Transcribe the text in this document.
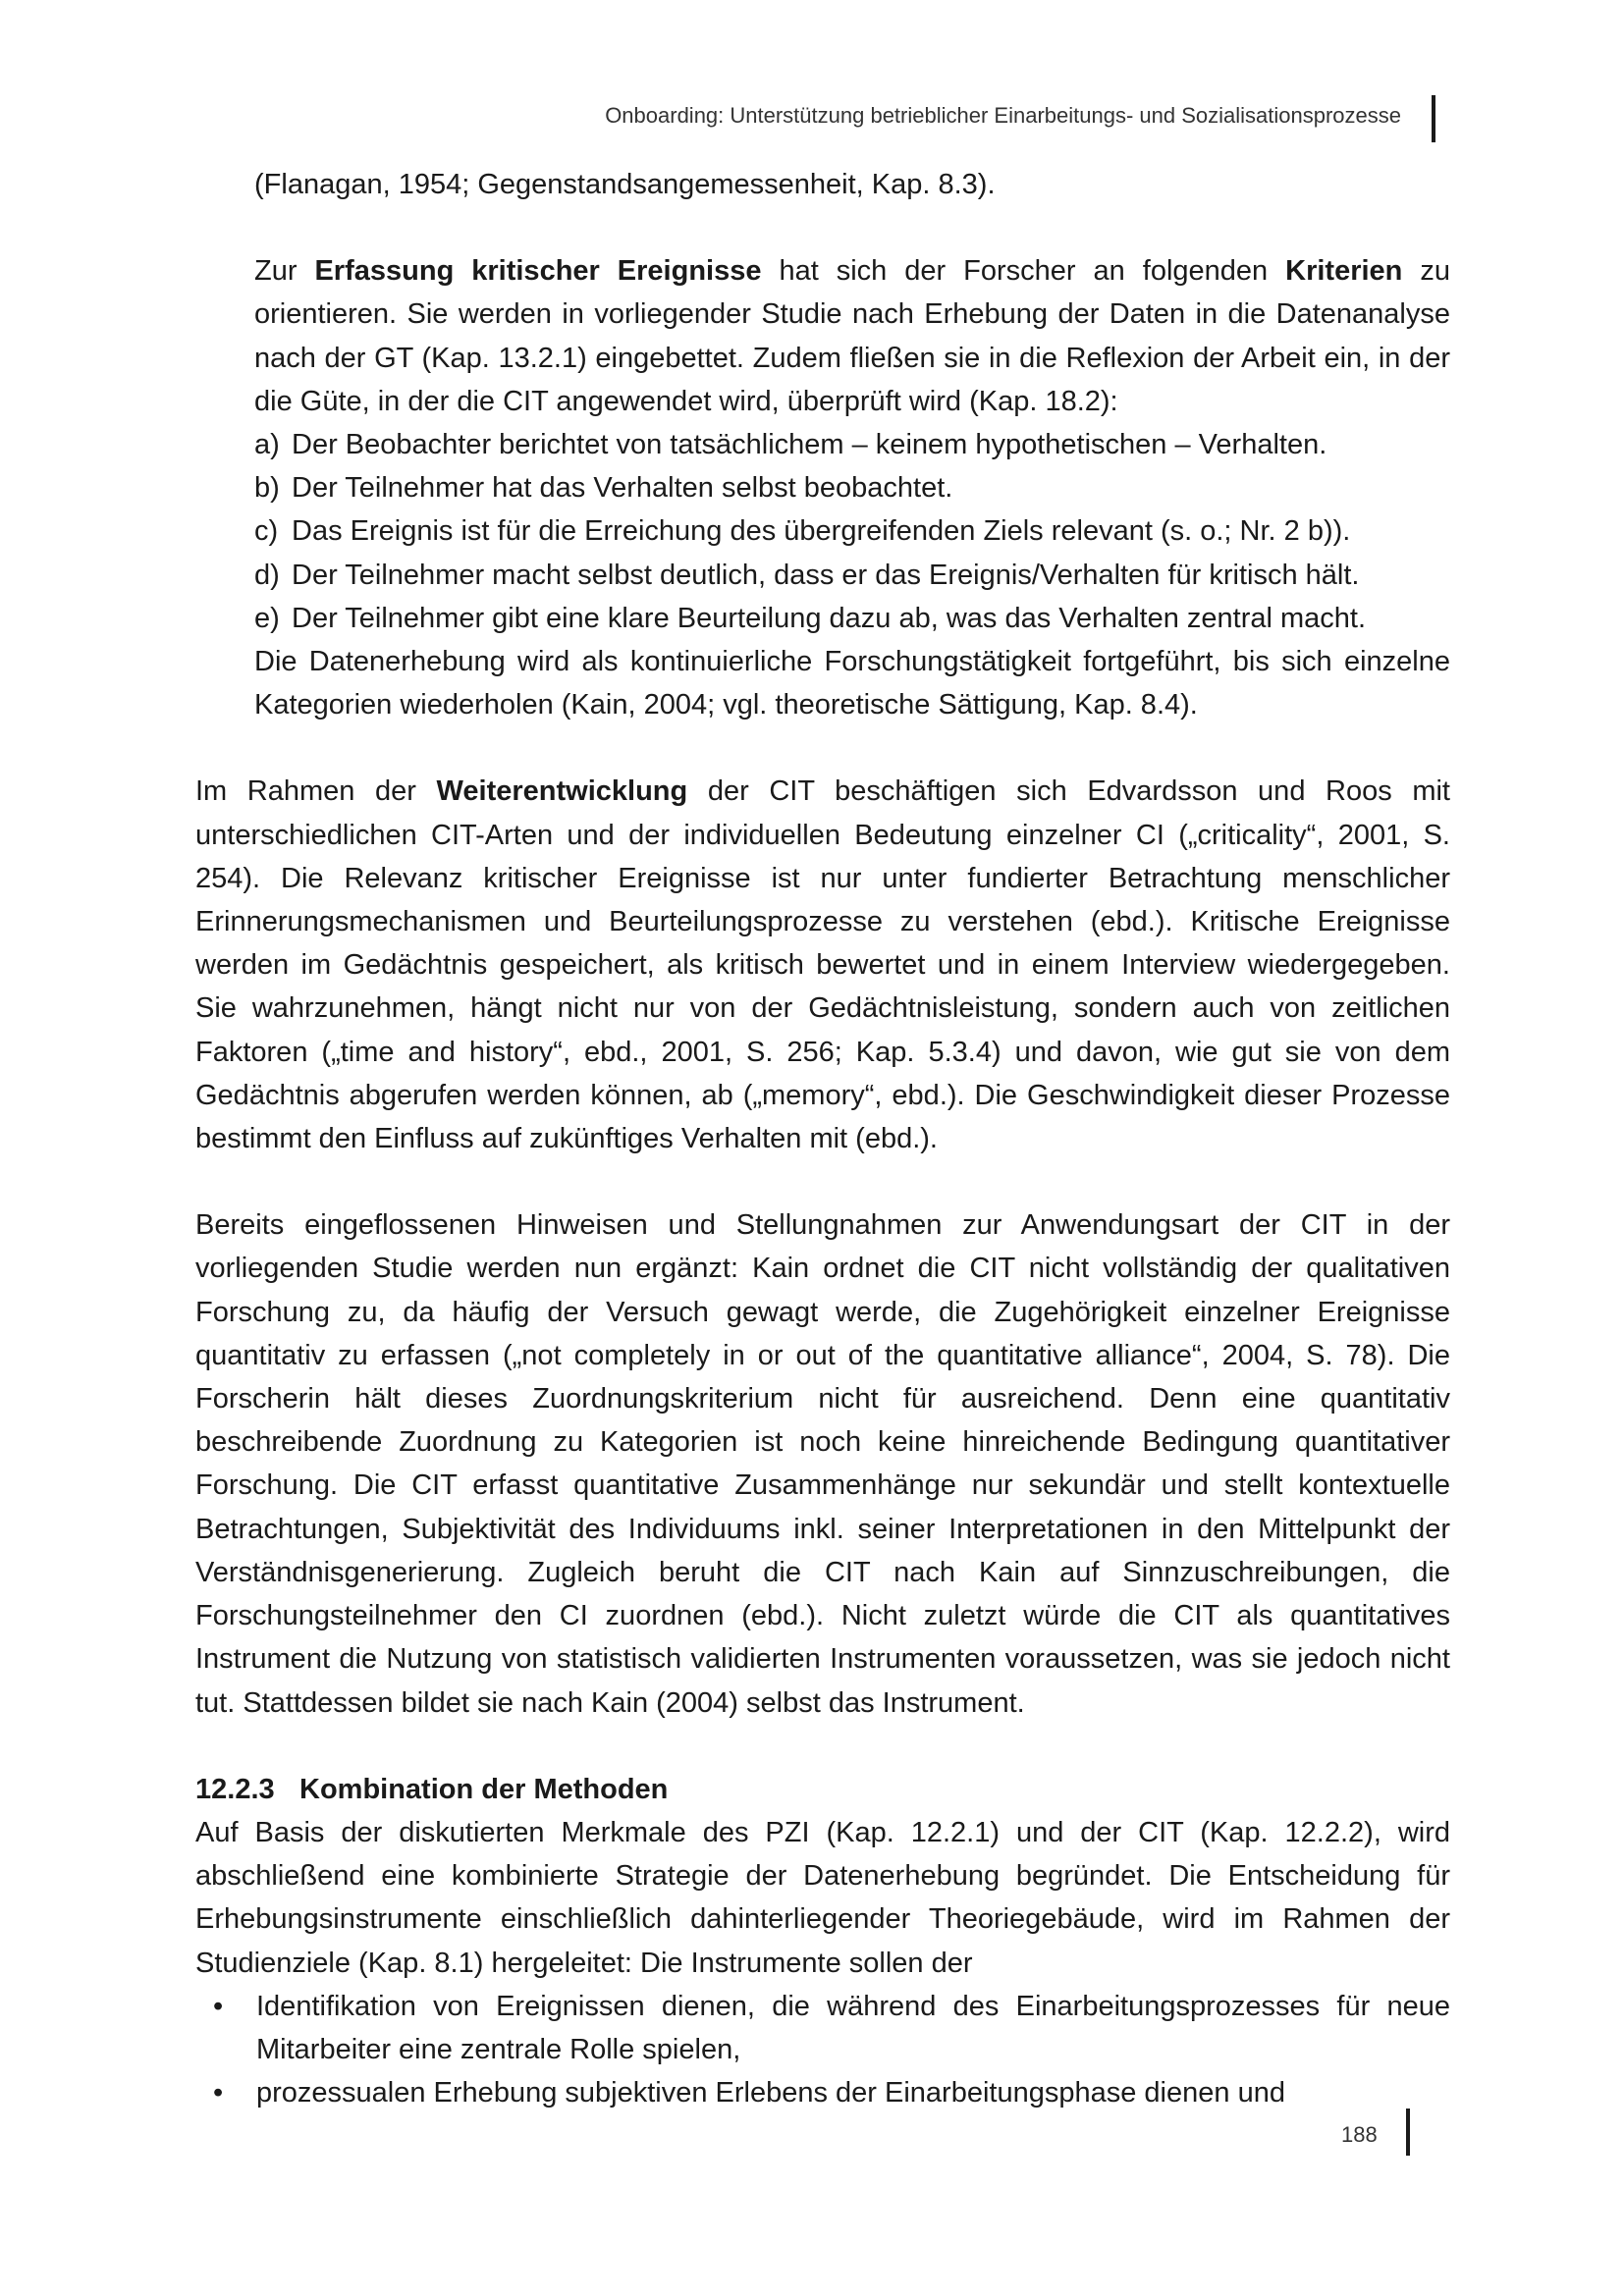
Onboarding: Unterstützung betrieblicher Einarbeitungs- und Sozialisationsprozesse

(Flanagan, 1954; Gegenstandsangemessenheit, Kap. 8.3).

Zur Erfassung kritischer Ereignisse hat sich der Forscher an folgenden Kriterien zu orientieren. Sie werden in vorliegender Studie nach Erhebung der Daten in die Datenanalyse nach der GT (Kap. 13.2.1) eingebettet. Zudem fließen sie in die Reflexion der Arbeit ein, in der die Güte, in der die CIT angewendet wird, überprüft wird (Kap. 18.2):

a) Der Beobachter berichtet von tatsächlichem – keinem hypothetischen – Verhalten.
b) Der Teilnehmer hat das Verhalten selbst beobachtet.
c) Das Ereignis ist für die Erreichung des übergreifenden Ziels relevant (s. o.; Nr. 2 b)).
d) Der Teilnehmer macht selbst deutlich, dass er das Ereignis/Verhalten für kritisch hält.
e) Der Teilnehmer gibt eine klare Beurteilung dazu ab, was das Verhalten zentral macht.

Die Datenerhebung wird als kontinuierliche Forschungstätigkeit fortgeführt, bis sich einzelne Kategorien wiederholen (Kain, 2004; vgl. theoretische Sättigung, Kap. 8.4).

Im Rahmen der Weiterentwicklung der CIT beschäftigen sich Edvardsson und Roos mit unterschiedlichen CIT-Arten und der individuellen Bedeutung einzelner CI („criticality“, 2001, S. 254). Die Relevanz kritischer Ereignisse ist nur unter fundierter Betrachtung menschlicher Erinnerungsmechanismen und Beurteilungsprozesse zu verstehen (ebd.). Kritische Ereignisse werden im Gedächtnis gespeichert, als kritisch bewertet und in einem Interview wiedergegeben. Sie wahrzunehmen, hängt nicht nur von der Gedächtnisleistung, sondern auch von zeitlichen Faktoren („time and history“, ebd., 2001, S. 256; Kap. 5.3.4) und davon, wie gut sie von dem Gedächtnis abgerufen werden können, ab („memory“, ebd.). Die Geschwindigkeit dieser Prozesse bestimmt den Einfluss auf zukünftiges Verhalten mit (ebd.).

Bereits eingeflossenen Hinweisen und Stellungnahmen zur Anwendungsart der CIT in der vorliegenden Studie werden nun ergänzt: Kain ordnet die CIT nicht vollständig der qualitativen Forschung zu, da häufig der Versuch gewagt werde, die Zugehörigkeit einzelner Ereignisse quantitativ zu erfassen („not completely in or out of the quantitative alliance“, 2004, S. 78). Die Forscherin hält dieses Zuordnungskriterium nicht für ausreichend. Denn eine quantitativ beschreibende Zuordnung zu Kategorien ist noch keine hinreichende Bedingung quantitativer Forschung. Die CIT erfasst quantitative Zusammenhänge nur sekundär und stellt kontextuelle Betrachtungen, Subjektivität des Individuums inkl. seiner Interpretationen in den Mittelpunkt der Verständnisgenerierung. Zugleich beruht die CIT nach Kain auf Sinnzuschreibungen, die Forschungsteilnehmer den CI zuordnen (ebd.). Nicht zuletzt würde die CIT als quantitatives Instrument die Nutzung von statistisch validierten Instrumenten voraussetzen, was sie jedoch nicht tut. Stattdessen bildet sie nach Kain (2004) selbst das Instrument.

12.2.3 Kombination der Methoden

Auf Basis der diskutierten Merkmale des PZI (Kap. 12.2.1) und der CIT (Kap. 12.2.2), wird abschließend eine kombinierte Strategie der Datenerhebung begründet. Die Entscheidung für Erhebungsinstrumente einschließlich dahinterliegender Theoriegebäude, wird im Rahmen der Studienziele (Kap. 8.1) hergeleitet: Die Instrumente sollen der

•	Identifikation von Ereignissen dienen, die während des Einarbeitungsprozesses für neue Mitarbeiter eine zentrale Rolle spielen,
•	prozessualen Erhebung subjektiven Erlebens der Einarbeitungsphase dienen und
188
